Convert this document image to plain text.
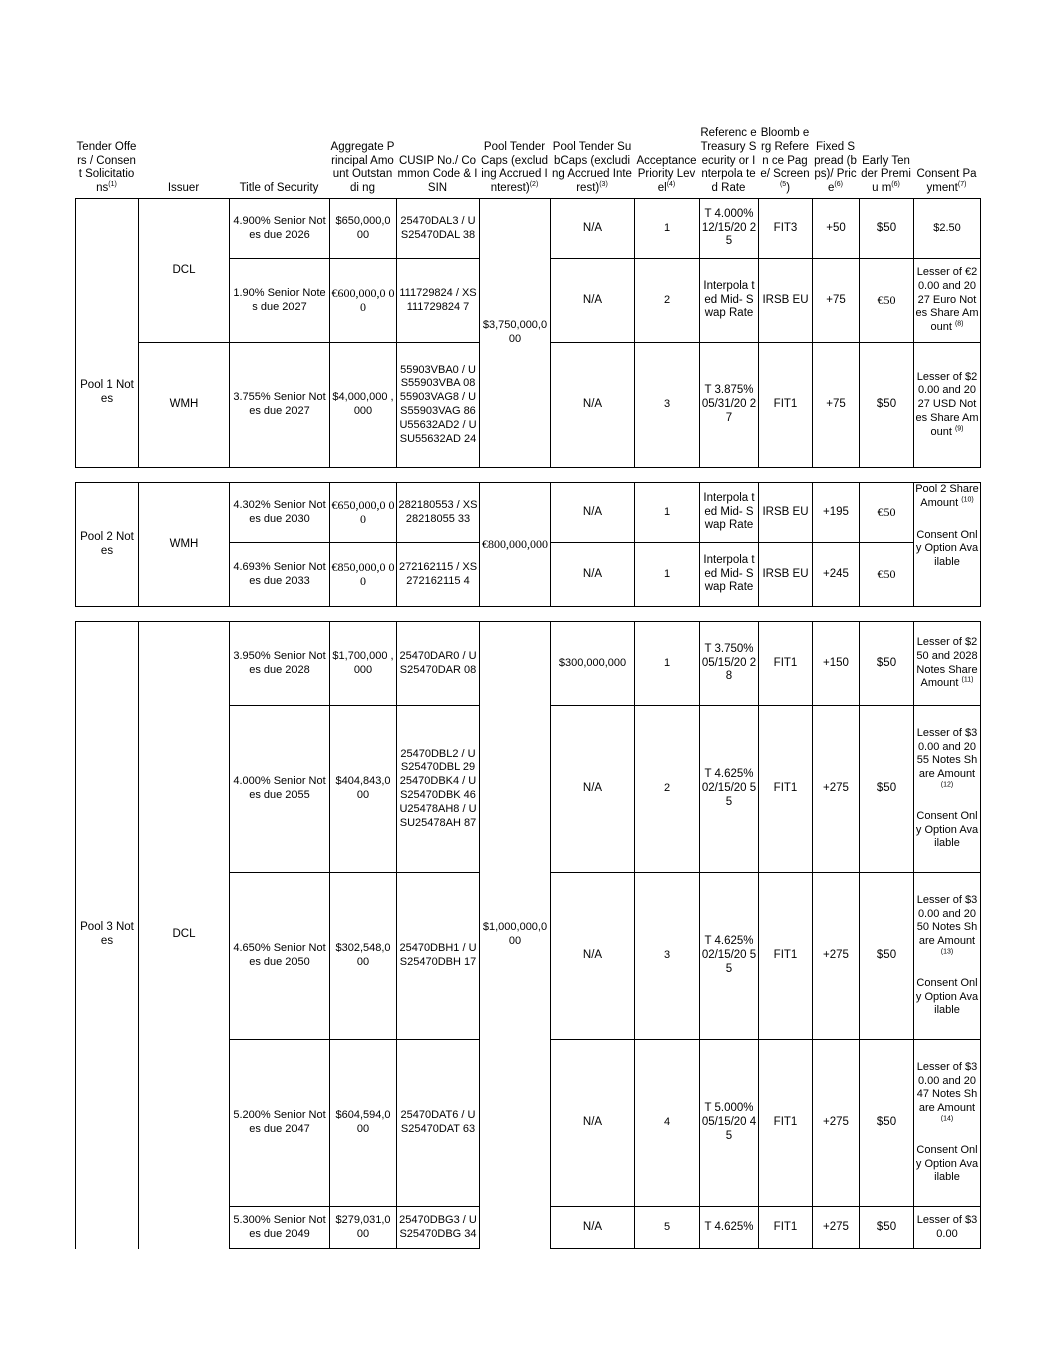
Tender Offers / Consent Solicitatio $ns^{(1)}$	Issuer	Title of Security	Aggregate Principal Amount Outstandi ng	CUSIP No./ Common Code & ISIN	Pool Tender Caps (excluding Accrued Interest)$^{(2)}$	Pool Tender SubCaps (excluding Accrued Interest)$^{(3)}$	Acceptance Priority Level$^{(4)}$	Referenc e Treasury Security or Interpola ted Rate	Bloomb erg Referen ce Page/ Screen$^{(5}$)	Fixed Spread (bps)/ Price$^{(6)}$	Early Tender Premiu $m^{(6)}$	Consent Payment$^{(7)}$
Pool 1 Notes	DCL	4.900% Senior Notes due 2026	$650,000,0 00	25470DAL3 / US25470DAL 38	$3,750,000,0 00	N/A	1	T 4.000% 12/15/20 25	FIT3	+50	$50	$2.50
		1.90% Senior Notes due 2027	€600,000,0 00	111729824 / XS111729824 7		N/A	2	Interpola ted Mid- Swap Rate	IRSB EU	+75	€50	Lesser of €20.00 and 2027 Euro Notes Share Amount $^{(8)}$
	WMH	3.755% Senior Notes due 2027	$4,000,000 ,000	55903VBA0 / US55903VBA 08 55903VAG8 / US55903VAG 86 U55632AD2 / USU55632AD 24		N/A	3	T 3.875% 05/31/20 27	FIT1	+75	$50	Lesser of $20.00 and 2027 USD Notes Share Amount $^{(9)}$
Pool 2 Notes	WMH	4.302% Senior Notes due 2030	€650,000,0 00	282180553 / XS28218055 33	€800,000,000	N/A	1	Interpola ted Mid- Swap Rate	IRSB EU	+195	€50	Pool 2 Share Amount $^{(10)}$
Consent Only Option Available

		4.693% Senior Notes due 2033	€850,000,0 00	272162115 / XS272162115 4		N/A	1	Interpola ted Mid- Swap Rate	IRSB EU	+245	€50	
Pool 3 Notes	DCL	3.950% Senior Notes due 2028	$1,700,000 ,000	25470DAR0 / US25470DAR 08	$1,000,000,0 00	$300,000,000	1	T 3.750% 05/15/20 28	FIT1	+150	$50	Lesser of $250 and 2028 Notes Share Amount $^{(11)}$
		4.000% Senior Notes due 2055	$404,843,0 00	25470DBL2 / US25470DBL 29 25470DBK4 / US25470DBK 46 U25478AH8 / USU25478AH 87		N/A	2	T 4.625% 02/15/20 55	FIT1	+275	$50	Lesser of $30.00 and 2055 Notes Share Amount $^{(12)}$
Consent Only Option Available

		4.650% Senior Notes due 2050	$302,548,0 00	25470DBH1 / US25470DBH 17		N/A	3	T 4.625% 02/15/20 55	FIT1	+275	$50	Lesser of $30.00 and 2050 Notes Share Amount $^{(13)}$
Consent Only Option Available

		5.200% Senior Notes due 2047	$604,594,0 00	25470DAT6 / US25470DAT 63		N/A	4	T 5.000% 05/15/20 45	FIT1	+275	$50	Lesser of $30.00 and 2047 Notes Share Amount $^{(14)}$
Consent Only Option Available

		5.300% Senior Notes due 2049	$279,031,0 00	25470DBG3 / US25470DBG 34		N/A	5	T 4.625%	FIT1	+275	$50	Lesser of $30.00
